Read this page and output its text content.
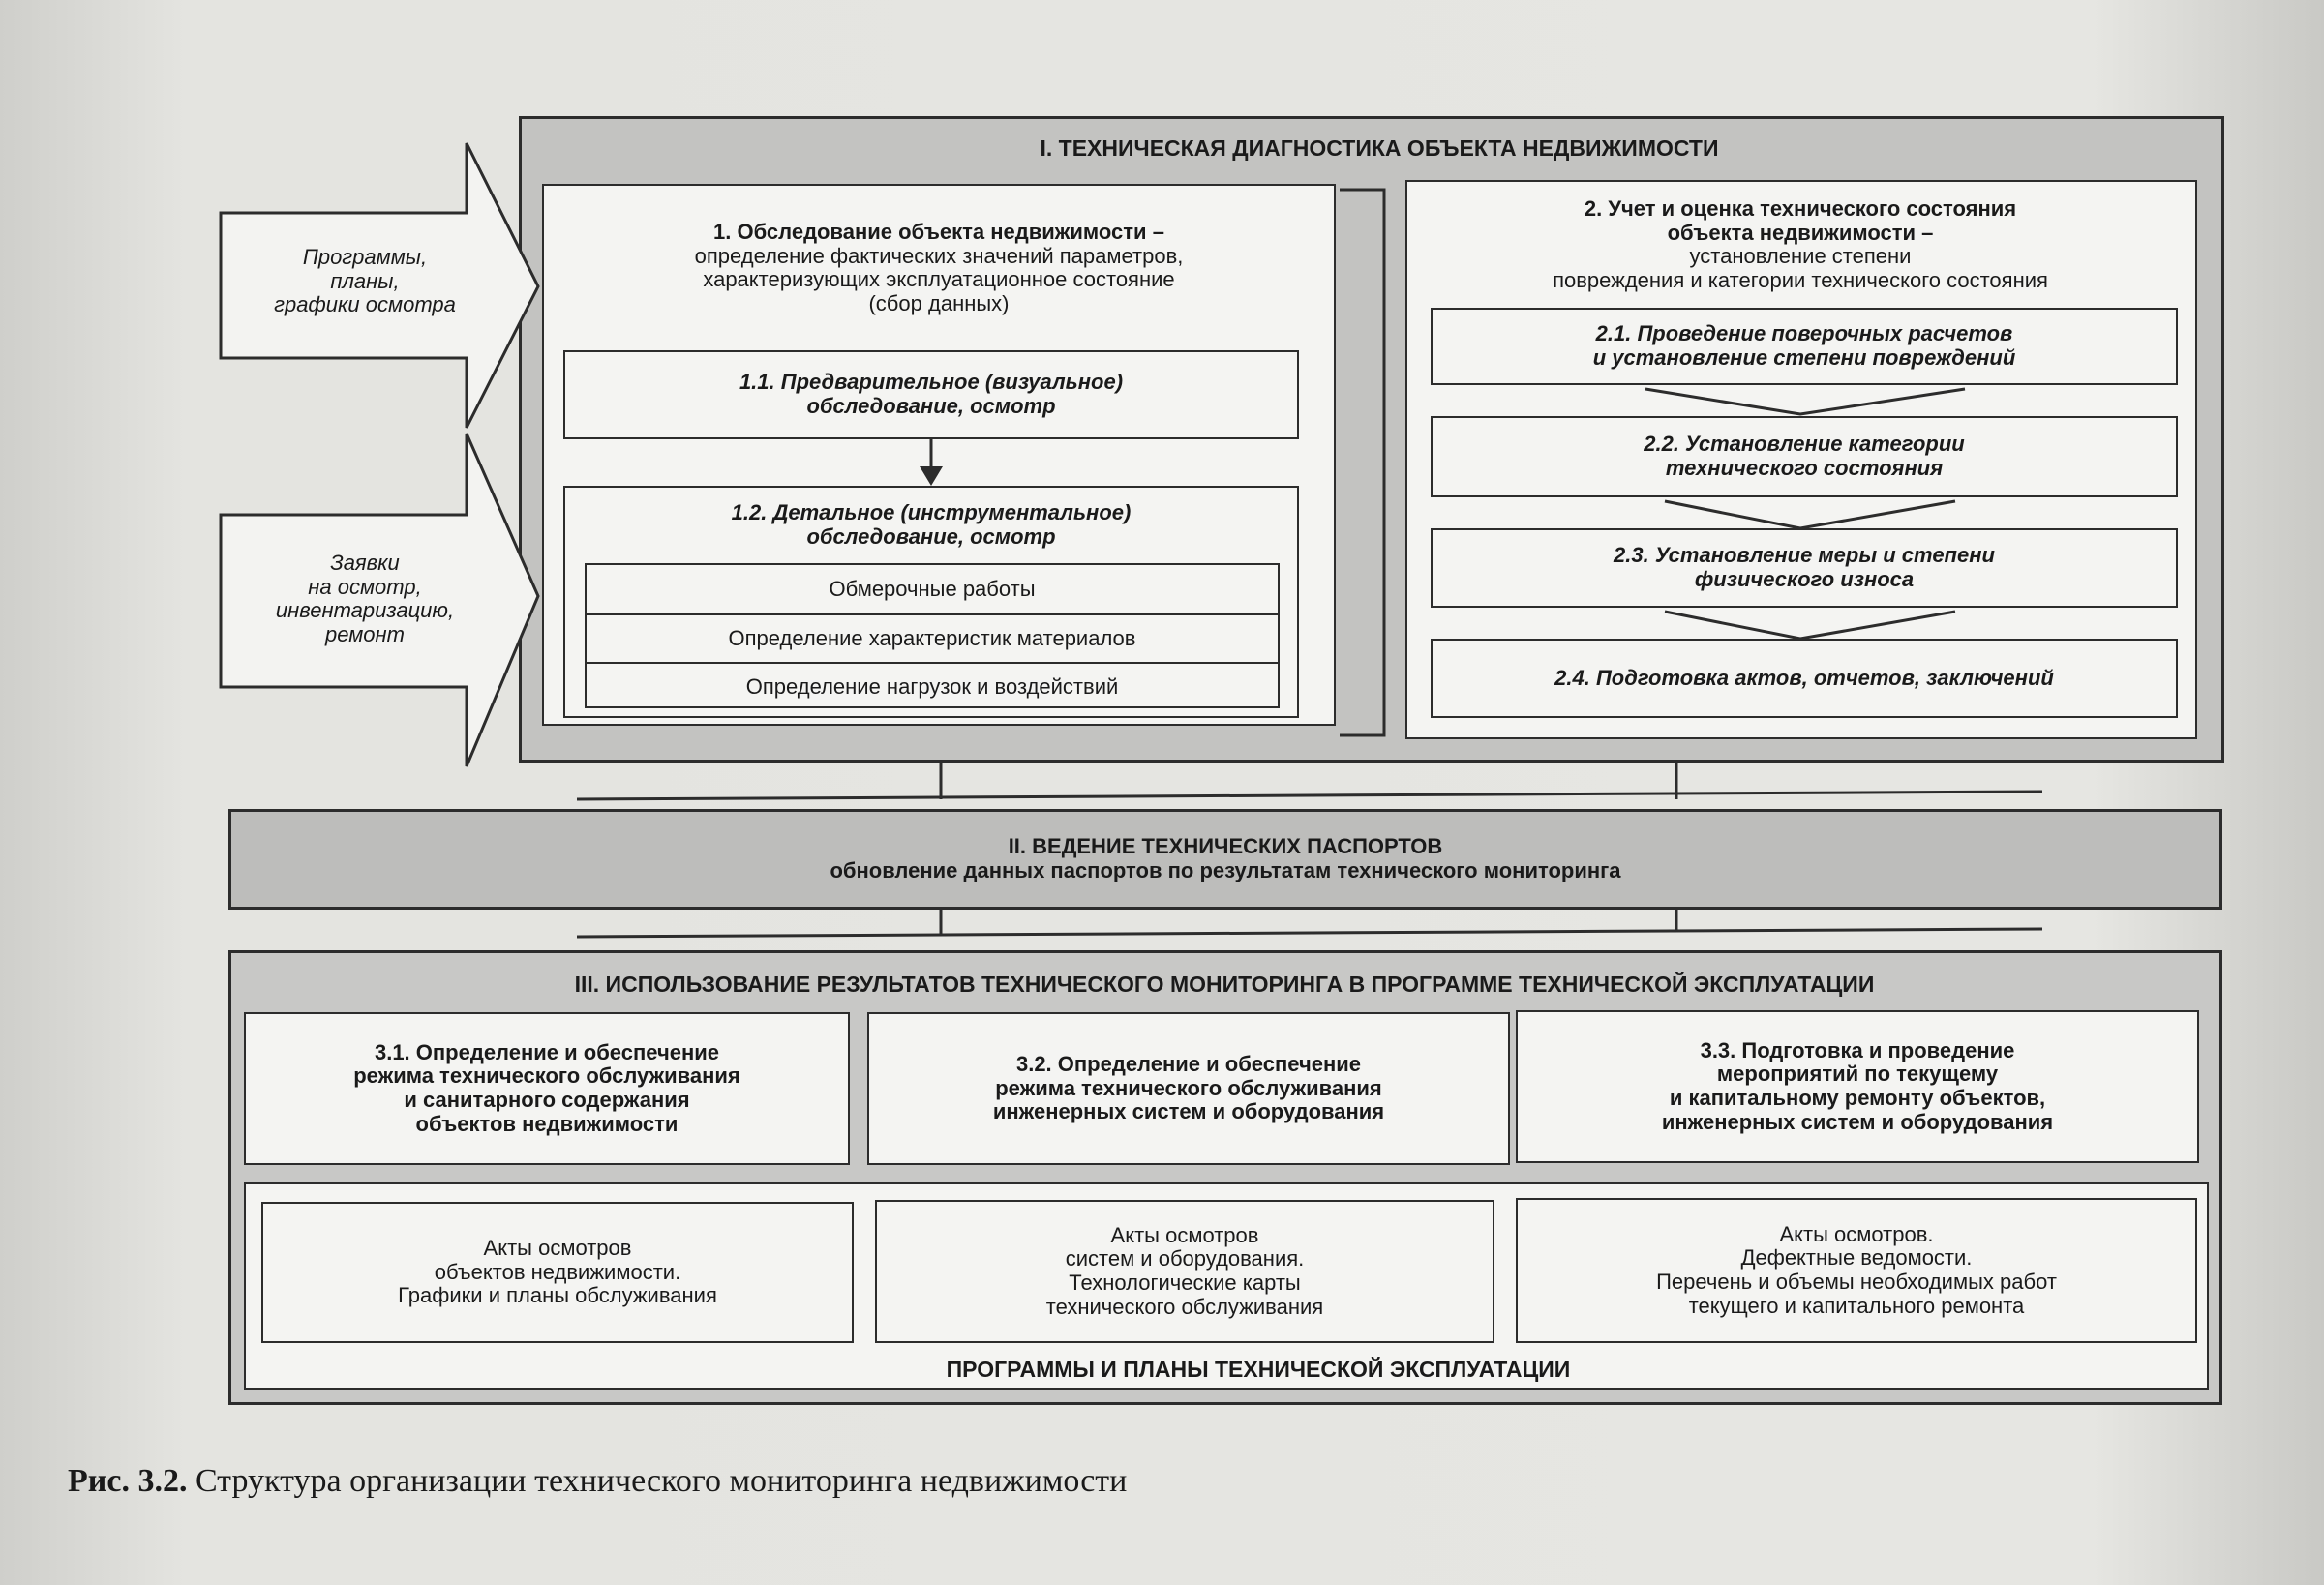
I. ТЕХНИЧЕСКАЯ ДИАГНОСТИКА ОБЪЕКТА НЕДВИЖИМОСТИ
1. Обследование объекта недвижимости –
определение фактических значений параметров,
характеризующих эксплуатационное состояние
(сбор данных)
1.1. Предварительное (визуальное)
обследование, осмотр
1.2. Детальное (инструментальное)
обследование, осмотр
Обмерочные работы
Определение характеристик материалов
Определение нагрузок и воздействий
2. Учет и оценка технического состояния
объекта недвижимости –
установление степени
повреждения и категории технического состояния
2.1. Проведение поверочных расчетов
и установление степени повреждений
2.2. Установление категории
технического состояния
2.3. Установление меры и степени
физического износа
2.4. Подготовка актов, отчетов, заключений
Программы,
планы,
графики осмотра
Заявки
на осмотр,
инвентаризацию,
ремонт
II. ВЕДЕНИЕ ТЕХНИЧЕСКИХ ПАСПОРТОВ
обновление данных паспортов по результатам технического мониторинга
III. ИСПОЛЬЗОВАНИЕ РЕЗУЛЬТАТОВ ТЕХНИЧЕСКОГО МОНИТОРИНГА В ПРОГРАММЕ ТЕХНИЧЕСКОЙ ЭКСПЛУАТАЦИИ
3.1. Определение и обеспечение
режима технического обслуживания
и санитарного содержания
объектов недвижимости
3.2. Определение и обеспечение
режима технического обслуживания
инженерных систем и оборудования
3.3. Подготовка и проведение
мероприятий по текущему
и капитальному ремонту объектов,
инженерных систем и оборудования
Акты осмотров
объектов недвижимости.
Графики и планы обслуживания
Акты осмотров
систем и оборудования.
Технологические карты
технического обслуживания
Акты осмотров.
Дефектные ведомости.
Перечень и объемы необходимых работ
текущего и капитального ремонта
ПРОГРАММЫ И ПЛАНЫ ТЕХНИЧЕСКОЙ ЭКСПЛУАТАЦИИ
Рис. 3.2. Структура организации технического мониторинга недвижимости
